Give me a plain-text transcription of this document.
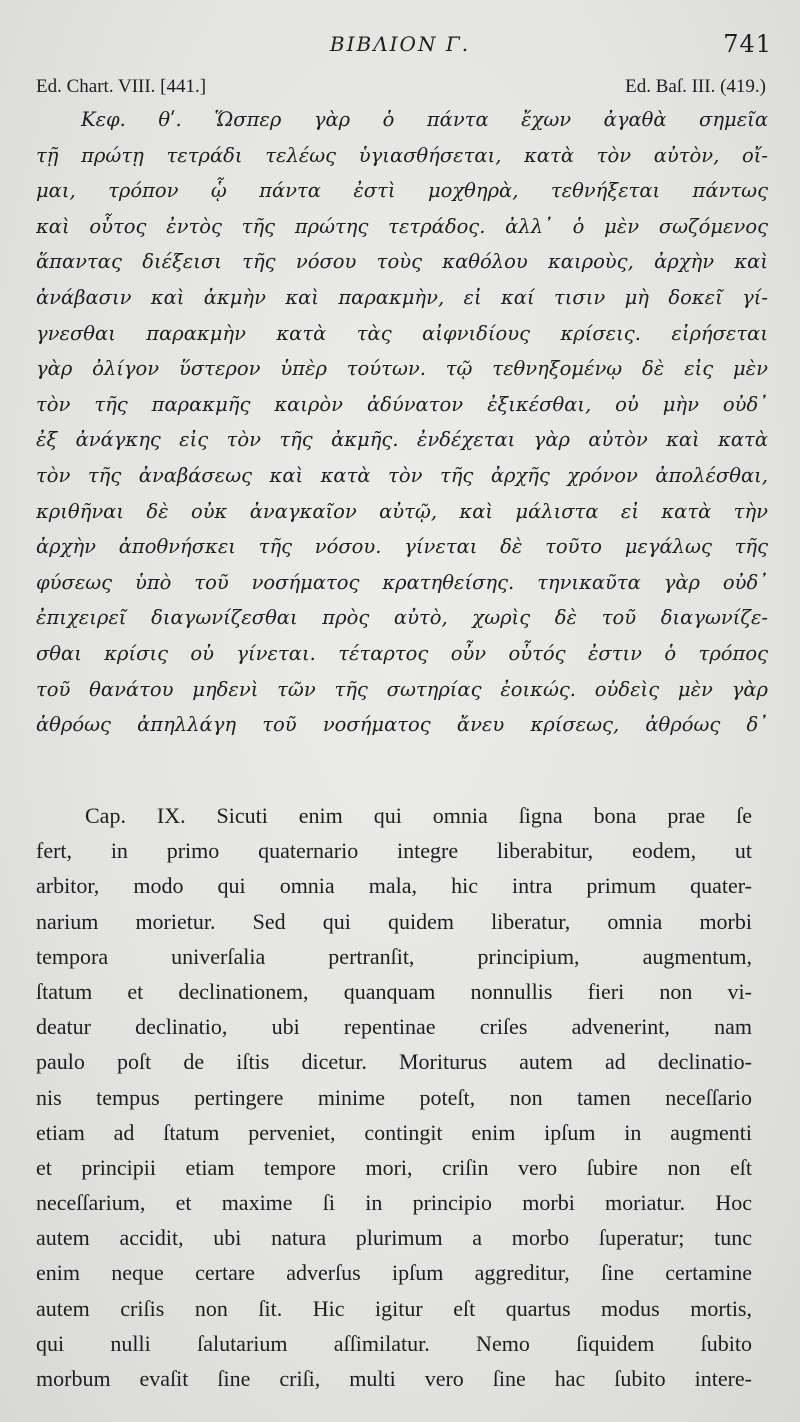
ΒΙΒΛΙΟΝ Γ.	741
Ed. Chart. VIII. [441.]	Ed. Baſ. III. (419.)
Κεφ. θʹ. Ὥσπερ γὰρ ὁ πάντα ἔχων ἀγαθὰ σημεῖα
τῇ πρώτῃ τετράδι τελέως ὑγιασθήσεται, κατὰ τὸν αὐτὸν, οἴ-
μαι, τρόπον ᾧ πάντα ἐστὶ μοχθηρὰ, τεθνήξεται πάντως
καὶ οὗτος ἐντὸς τῆς πρώτης τετράδος. ἀλλ᾽ ὁ μὲν σωζόμενος
ἅπαντας διέξεισι τῆς νόσου τοὺς καθόλου καιροὺς, ἀρχὴν καὶ
ἀνάβασιν καὶ ἀκμὴν καὶ παρακμὴν, εἰ καί τισιν μὴ δοκεῖ γί-
γνεσθαι παρακμὴν κατὰ τὰς αἰφνιδίους κρίσεις. εἰρήσεται
γὰρ ὀλίγον ὕστερον ὑπὲρ τούτων. τῷ τεθνηξομένῳ δὲ εἰς μὲν
τὸν τῆς παρακμῆς καιρὸν ἀδύνατον ἐξικέσθαι, οὐ μὴν οὐδ᾽
ἐξ ἀνάγκης εἰς τὸν τῆς ἀκμῆς. ἐνδέχεται γὰρ αὐτὸν καὶ κατὰ
τὸν τῆς ἀναβάσεως καὶ κατὰ τὸν τῆς ἀρχῆς χρόνον ἀπολέσθαι,
κριθῆναι δὲ οὐκ ἀναγκαῖον αὐτῷ, καὶ μάλιστα εἰ κατὰ τὴν
ἀρχὴν ἀποθνήσκει τῆς νόσου. γίνεται δὲ τοῦτο μεγάλως τῆς
φύσεως ὑπὸ τοῦ νοσήματος κρατηθείσης. τηνικαῦτα γὰρ οὐδ᾽
ἐπιχειρεῖ διαγωνίζεσθαι πρὸς αὐτὸ, χωρὶς δὲ τοῦ διαγωνίζε-
σθαι κρίσις οὐ γίνεται. τέταρτος οὖν οὗτός ἐστιν ὁ τρόπος
τοῦ θανάτου μηδενὶ τῶν τῆς σωτηρίας ἐοικώς. οὐδεὶς μὲν γὰρ
ἀθρόως ἀπηλλάγη τοῦ νοσήματος ἄνευ κρίσεως, ἀθρόως δ᾽
Cap. IX. Sicuti enim qui omnia ſigna bona prae ſe
fert, in primo quaternario integre liberabitur, eodem, ut
arbitor, modo qui omnia mala, hic intra primum quater-
narium morietur. Sed qui quidem liberatur, omnia morbi
tempora univerſalia pertranſit, principium, augmentum,
ſtatum et declinationem, quanquam nonnullis fieri non vi-
deatur declinatio, ubi repentinae criſes advenerint, nam
paulo poſt de iſtis dicetur. Moriturus autem ad declinatio-
nis tempus pertingere minime poteſt, non tamen neceſſario
etiam ad ſtatum perveniet, contingit enim ipſum in augmenti
et principii etiam tempore mori, criſin vero ſubire non eſt
neceſſarium, et maxime ſi in principio morbi moriatur. Hoc
autem accidit, ubi natura plurimum a morbo ſuperatur; tunc
enim neque certare adverſus ipſum aggreditur, ſine certamine
autem criſis non ſit. Hic igitur eſt quartus modus mortis,
qui nulli ſalutarium aſſimilatur. Nemo ſiquidem ſubito
morbum evaſit ſine criſi, multi vero ſine hac ſubito intere-
